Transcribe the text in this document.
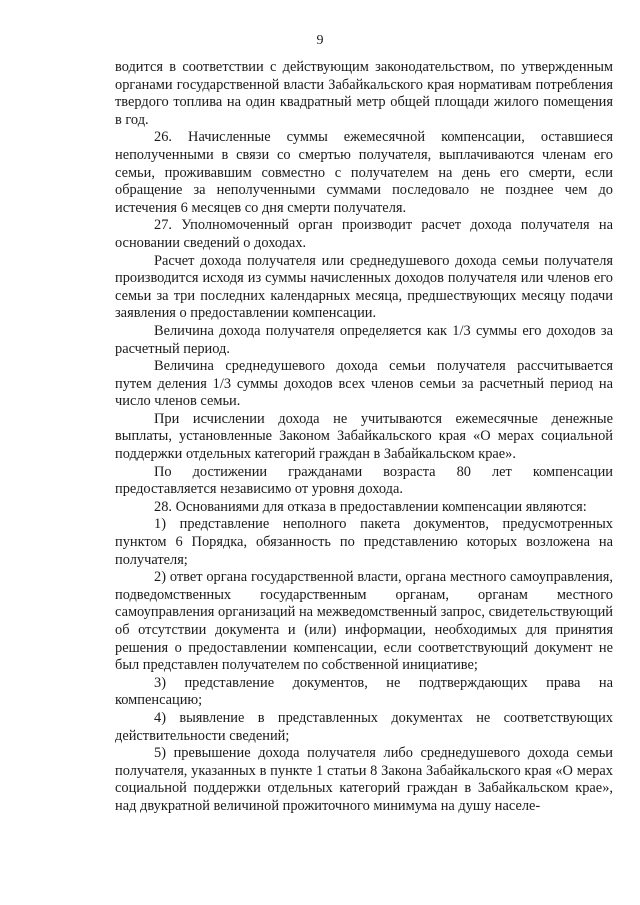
9

водится в соответствии с действующим законодательством, по утвержденным органами государственной власти Забайкальского края нормативам потребления твердого топлива на один квадратный метр общей площади жилого помещения в год.

26. Начисленные суммы ежемесячной компенсации, оставшиеся неполученными в связи со смертью получателя, выплачиваются членам его семьи, проживавшим совместно с получателем на день его смерти, если обращение за неполученными суммами последовало не позднее чем до истечения 6 месяцев со дня смерти получателя.

27. Уполномоченный орган производит расчет дохода получателя на основании сведений о доходах.

Расчет дохода получателя или среднедушевого дохода семьи получателя производится исходя из суммы начисленных доходов получателя или членов его семьи за три последних календарных месяца, предшествующих месяцу подачи заявления о предоставлении компенсации.

Величина дохода получателя определяется как 1/3 суммы его доходов за расчетный период.

Величина среднедушевого дохода семьи получателя рассчитывается путем деления 1/3 суммы доходов всех членов семьи за расчетный период на число членов семьи.

При исчислении дохода не учитываются ежемесячные денежные выплаты, установленные Законом Забайкальского края «О мерах социальной поддержки отдельных категорий граждан в Забайкальском крае».

По достижении гражданами возраста 80 лет компенсации предоставляется независимо от уровня дохода.

28. Основаниями для отказа в предоставлении компенсации являются:

1) представление неполного пакета документов, предусмотренных пунктом 6 Порядка, обязанность по представлению которых возложена на получателя;

2) ответ органа государственной власти, органа местного самоуправления, подведомственных государственным органам, органам местного самоуправления организаций на межведомственный запрос, свидетельствующий об отсутствии документа и (или) информации, необходимых для принятия решения о предоставлении компенсации, если соответствующий документ не был представлен получателем по собственной инициативе;

3) представление документов, не подтверждающих права на компенсацию;

4) выявление в представленных документах не соответствующих действительности сведений;

5) превышение дохода получателя либо среднедушевого дохода семьи получателя, указанных в пункте 1 статьи 8 Закона Забайкальского края «О мерах социальной поддержки отдельных категорий граждан в Забайкальском крае», над двукратной величиной прожиточного минимума на душу населе-
